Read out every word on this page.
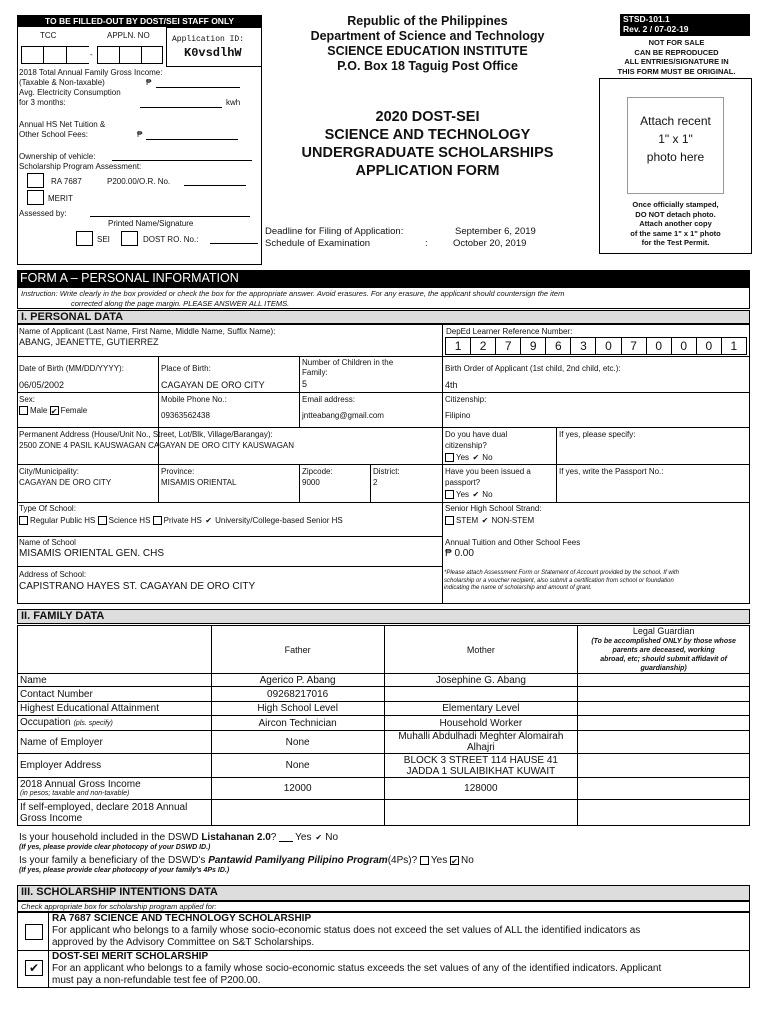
TO BE FILLED-OUT BY DOST/SEI STAFF ONLY
TCC	APPLN. NO
-
Application ID:
K0vsdlhW
2018 Total Annual Family Gross Income:
(Taxable & Non-taxable)	₱
Avg. Electricity Consumption
for 3 months:	kwh
Annual HS Net Tuition &
Other School Fees:	₱
Ownership of vehicle:
Scholarship Program Assessment:
RA 7687	P200.00/O.R. No.
MERIT
Assessed by:
Printed Name/Signature
SEI	DOST RO. No.:
Republic of the Philippines
Department of Science and Technology
SCIENCE EDUCATION INSTITUTE
P.O. Box 18 Taguig Post Office
STSD-101.1
Rev. 2 / 07-02-19
NOT FOR SALE
CAN BE REPRODUCED
ALL ENTRIES/SIGNATURE IN
THIS FORM MUST BE ORIGINAL.
2020 DOST-SEI
SCIENCE AND TECHNOLOGY
UNDERGRADUATE SCHOLARSHIPS
APPLICATION FORM
Attach recent
1" x 1"
photo here
Once officially stamped,
DO NOT detach photo.
Attach another copy
of the same 1" x 1" photo
for the Test Permit.
Deadline for Filing of Application:	September 6, 2019
Schedule of Examination	:	October 20, 2019
FORM A – PERSONAL INFORMATION
Instruction: Write clearly in the box provided or check the box for the appropriate answer. Avoid erasures. For any erasure, the applicant should countersign the item
corrected along the page margin. PLEASE ANSWER ALL ITEMS.
I. PERSONAL DATA
Name of Applicant (Last Name, First Name, Middle Name, Suffix Name):
ABANG, JEANETTE, GUTIERREZ
DepEd Learner Reference Number:
1	2	7	9	6	3	0	7	0	0	0	1
Date of Birth (MM/DD/YYYY):
06/05/2002
Place of Birth:
CAGAYAN DE ORO CITY
Number of Children in the
Family:
5
Birth Order of Applicant (1st child, 2nd child, etc.):
4th
Sex:
Male ✔ Female
Mobile Phone No.:
09363562438
Email address:
jntteabang@gmail.com
Citizenship:
Filipino
Permanent Address (House/Unit No., Street, Lot/Blk, Village/Barangay):
2500 ZONE 4 PASIL KAUSWAGAN CAGAYAN DE ORO CITY KAUSWAGAN
Do you have dual
citizenship?
Yes ✔ No
If yes, please specify:
City/Municipality:
CAGAYAN DE ORO CITY
Province:
MISAMIS ORIENTAL
Zipcode:
9000
District:
2
Have you been issued a
passport?
Yes ✔ No
If yes, write the Passport No.:
Type Of School:
Regular Public HS Science HS Private HS ✔ University/College-based Senior HS
Senior High School Strand:
STEM ✔ NON-STEM
Name of School
MISAMIS ORIENTAL GEN. CHS
Annual Tuition and Other School Fees
₱ 0.00
Address of School:
CAPISTRANO HAYES ST. CAGAYAN DE ORO CITY
*Please attach Assessment Form or Statement of Account provided by the school. If with
scholarship or a voucher recipient, also submit a certification from school or foundation
indicating the name of scholarship and amount of grant.
II. FAMILY DATA
	Father	Mother	Legal Guardian
(To be accomplished ONLY by those whose
parents are deceased, working
abroad, etc; should submit affidavit of
guardianship)

Name	Agerico P. Abang	Josephine G. Abang	
Contact Number	09268217016		
Highest Educational Attainment	High School Level	Elementary Level	
Occupation (pls. specify)	Aircon Technician	Household Worker	
Name of Employer	None	Muhalli Abdulhadi Meghter Alomairah Alhajri	
Employer Address	None	BLOCK 3 STREET 114 HAUSE 41 JADDA 1 SULAIBIKHAT KUWAIT	
2018 Annual Gross Income
(in pesos; taxable and non-taxable)	12000	128000	
If self-employed, declare 2018 Annual Gross Income			
Is your household included in the DSWD Listahanan 2.0? Yes ✔ No
(If yes, please provide clear photocopy of your DSWD ID.)
Is your family a beneficiary of the DSWD's Pantawid Pamilyang Pilipino Program(4Ps)? Yes ✔ No
(If yes, please provide clear photocopy of your family's 4Ps ID.)
III. SCHOLARSHIP INTENTIONS DATA
Check appropriate box for scholarship program applied for:
RA 7687 SCIENCE AND TECHNOLOGY SCHOLARSHIP
For applicant who belongs to a family whose socio-economic status does not exceed the set values of ALL the identified indicators as
approved by the Advisory Committee on S&T Scholarships.
✔
DOST-SEI MERIT SCHOLARSHIP
For an applicant who belongs to a family whose socio-economic status exceeds the set values of any of the identified indicators. Applicant
must pay a non-refundable test fee of P200.00.
